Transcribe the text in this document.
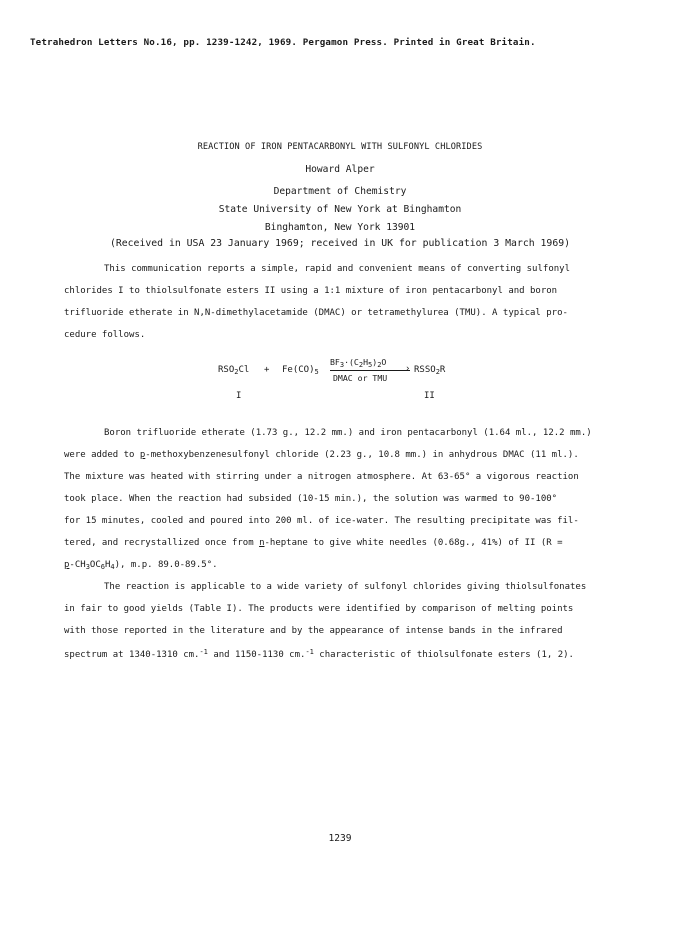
Tetrahedron Letters No.16, pp. 1239-1242, 1969. Pergamon Press. Printed in Great Britain.
REACTION OF IRON PENTACARBONYL WITH SULFONYL CHLORIDES
Howard Alper
Department of Chemistry
State University of New York at Binghamton
Binghamton, New York 13901
(Received in USA 23 January 1969; received in UK for publication 3 March 1969)
This communication reports a simple, rapid and convenient means of converting sulfonyl
chlorides I to thiolsulfonate esters II using a 1:1 mixture of iron pentacarbonyl and boron
trifluoride etherate in N,N-dimethylacetamide (DMAC) or tetramethylurea (TMU). A typical pro-
cedure follows.
$RSO_2Cl + Fe(CO)_5$
BF3·(C2H5)2O
›
DMAC or TMU
$RSSO_2R$
I	II
Boron trifluoride etherate (1.73 g., 12.2 mm.) and iron pentacarbonyl (1.64 ml., 12.2 mm.)
were added to p-methoxybenzenesulfonyl chloride (2.23 g., 10.8 mm.) in anhydrous DMAC (11 ml.).
The mixture was heated with stirring under a nitrogen atmosphere. At 63-65° a vigorous reaction
took place. When the reaction had subsided (10-15 min.), the solution was warmed to 90-100°
for 15 minutes, cooled and poured into 200 ml. of ice-water. The resulting precipitate was fil-
tered, and recrystallized once from n-heptane to give white needles (0.68g., 41%) of II (R =
$p-CH_3OC_6H_4$), m.p. 89.0-89.5°.
The reaction is applicable to a wide variety of sulfonyl chlorides giving thiolsulfonates
in fair to good yields (Table I). The products were identified by comparison of melting points
with those reported in the literature and by the appearance of intense bands in the infrared
spectrum at 1340-1310 cm.$^{-1}$ and 1150-1130 cm.$^{-1}$ characteristic of thiolsulfonate esters (1, 2).
1239
